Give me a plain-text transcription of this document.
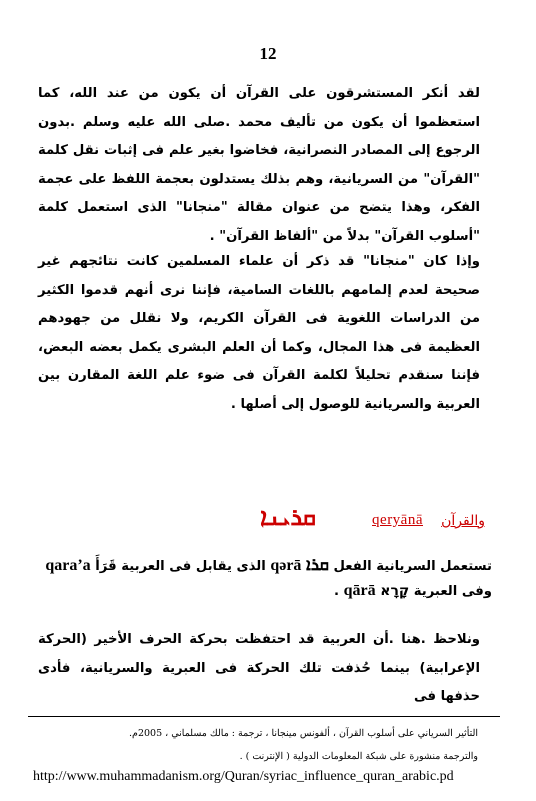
12
لقد أنكر المستشرقون على القرآن أن يكون من عند الله، كما استعظموا أن يكون من تأليف محمد .صلى الله عليه وسلم .بدون الرجوع إلى المصادر النصرانية، فخاضوا بغير علم فى إثبات نقل كلمة "القرآن" من السريانية، وهم بذلك يستدلون بعجمة اللفظ على عجمة الفكر، وهذا يتضح من عنوان مقالة "منجانا" الذى استعمل كلمة "أسلوب القرآن" بدلاً من "ألفاظ القرآن" .
وإذا كان "منجانا" قد ذكر أن علماء المسلمين كانت نتائجهم غير صحيحة لعدم إلمامهم باللغات السامية، فإننا نرى أنهم قدموا الكثير من الدراسات اللغوية فى القرآن الكريم، ولا نقلل من جهودهم العظيمة فى هذا المجال، وكما أن العلم البشرى يكمل بعضه البعض، فإننا سنقدم تحليلاً لكلمة القرآن فى ضوء علم اللغة المقارن بين العربية والسريانية للوصول إلى أصلها .
والقرآن
qeryānā
ܩܪܝܢܐ
تستعمل السريانية الفعل ܩܪܐ qərā الذى يقابل فى العربية قَرَأَ qara’a
وفى العبرية קָרָא qārā .
ونلاحظ .هنا .أن العربية قد احتفظت بحركة الحرف الأخير (الحركة الإعرابية) بينما حُذفت تلك الحركة فى العبرية والسريانية، فأدى حذفها فى
التأثير السرياني على أسلوب القرآن ، ألفونس مينجانا ، ترجمة : مالك مسلماني ، 2005م.
والترجمة منشورة على شبكة المعلومات الدولية ( الإنترنت ) .
http://www.muhammadanism.org/Quran/syriac_influence_quran_arabic.pd
